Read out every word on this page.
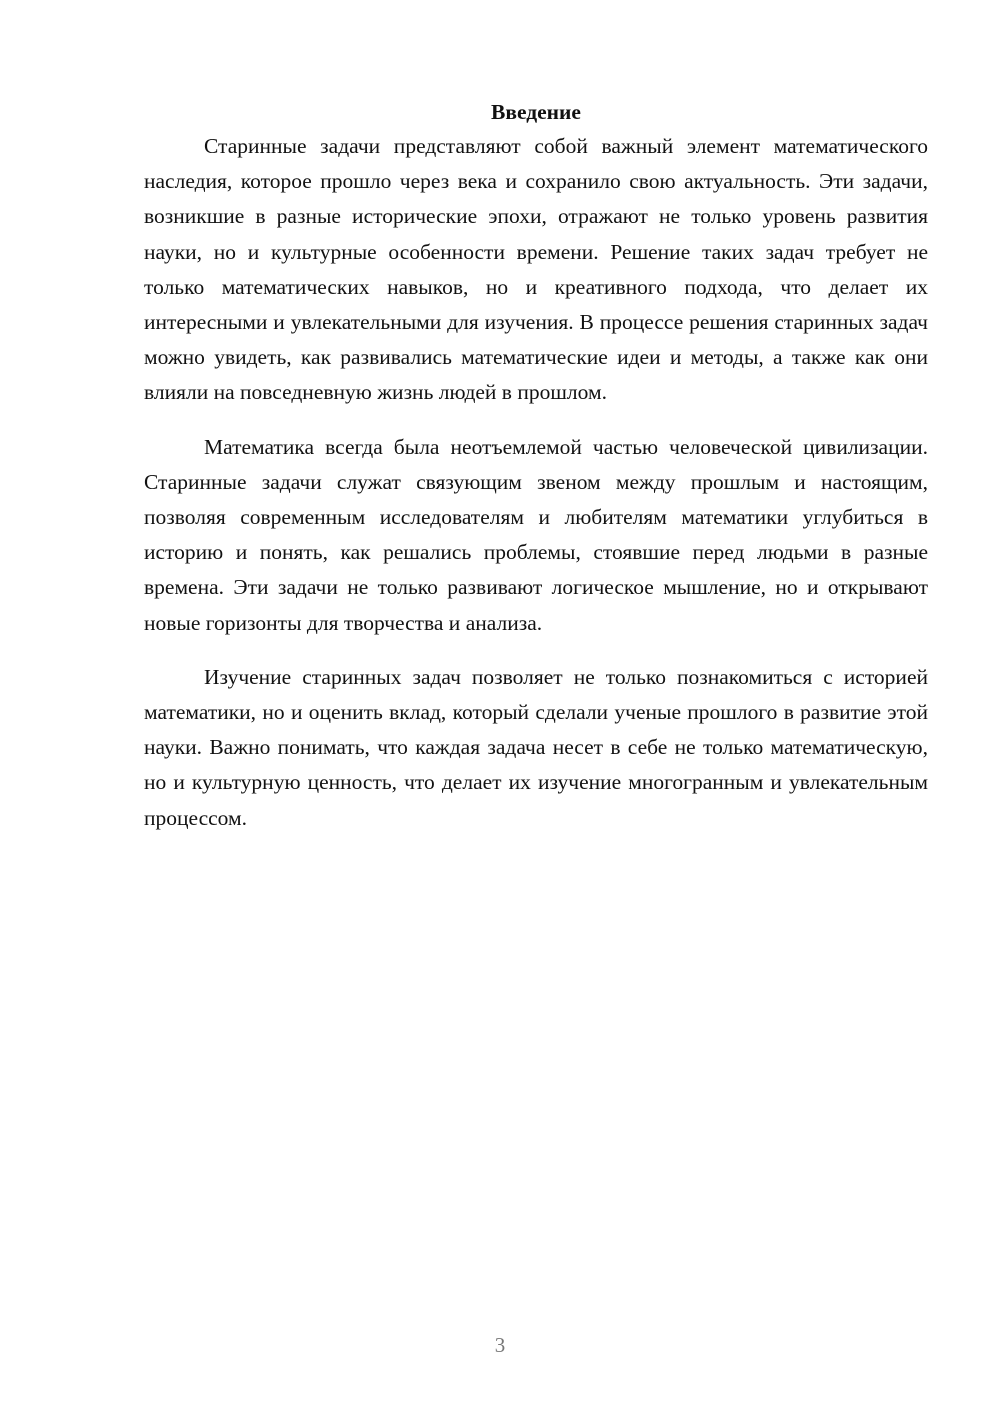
Введение

Старинные задачи представляют собой важный элемент математического наследия, которое прошло через века и сохранило свою актуальность. Эти задачи, возникшие в разные исторические эпохи, отражают не только уровень развития науки, но и культурные особенности времени. Решение таких задач требует не только математических навыков, но и креативного подхода, что делает их интересными и увлекательными для изучения. В процессе решения старинных задач можно увидеть, как развивались математические идеи и методы, а также как они влияли на повседневную жизнь людей в прошлом.

Математика всегда была неотъемлемой частью человеческой цивилизации. Старинные задачи служат связующим звеном между прошлым и настоящим, позволяя современным исследователям и любителям математики углубиться в историю и понять, как решались проблемы, стоявшие перед людьми в разные времена. Эти задачи не только развивают логическое мышление, но и открывают новые горизонты для творчества и анализа.

Изучение старинных задач позволяет не только познакомиться с историей математики, но и оценить вклад, который сделали ученые прошлого в развитие этой науки. Важно понимать, что каждая задача несет в себе не только математическую, но и культурную ценность, что делает их изучение многогранным и увлекательным процессом.

3
